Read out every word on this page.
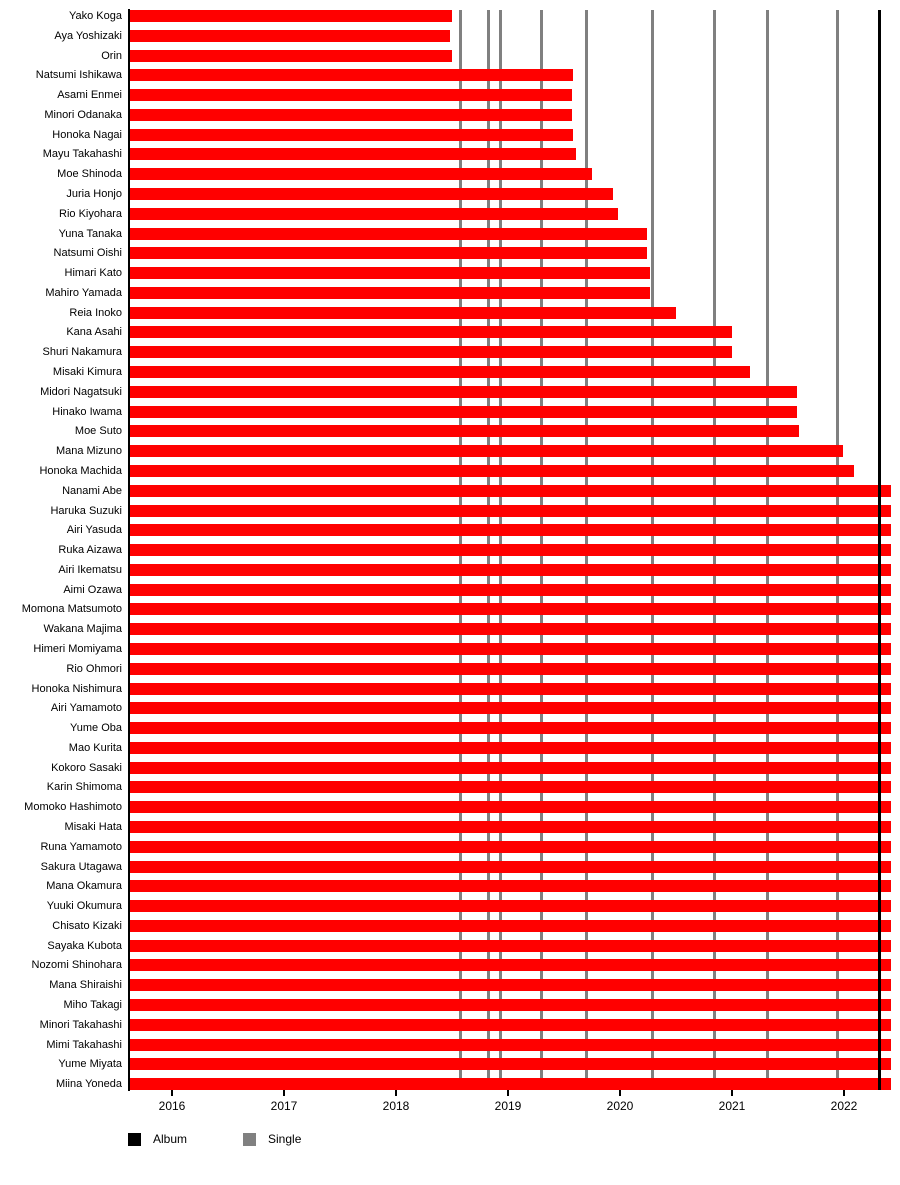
Yako Koga
Aya Yoshizaki
Orin
Natsumi Ishikawa
Asami Enmei
Minori Odanaka
Honoka Nagai
Mayu Takahashi
Moe Shinoda
Juria Honjo
Rio Kiyohara
Yuna Tanaka
Natsumi Oishi
Himari Kato
Mahiro Yamada
Reia Inoko
Kana Asahi
Shuri Nakamura
Misaki Kimura
Midori Nagatsuki
Hinako Iwama
Moe Suto
Mana Mizuno
Honoka Machida
Nanami Abe
Haruka Suzuki
Airi Yasuda
Ruka Aizawa
Airi Ikematsu
Aimi Ozawa
Momona Matsumoto
Wakana Majima
Himeri Momiyama
Rio Ohmori
Honoka Nishimura
Airi Yamamoto
Yume Oba
Mao Kurita
Kokoro Sasaki
Karin Shimoma
Momoko Hashimoto
Misaki Hata
Runa Yamamoto
Sakura Utagawa
Mana Okamura
Yuuki Okumura
Chisato Kizaki
Sayaka Kubota
Nozomi Shinohara
Mana Shiraishi
Miho Takagi
Minori Takahashi
Mimi Takahashi
Yume Miyata
Miina Yoneda
2016	2017	2018	2019	2020	2021	2022
Album	Single
